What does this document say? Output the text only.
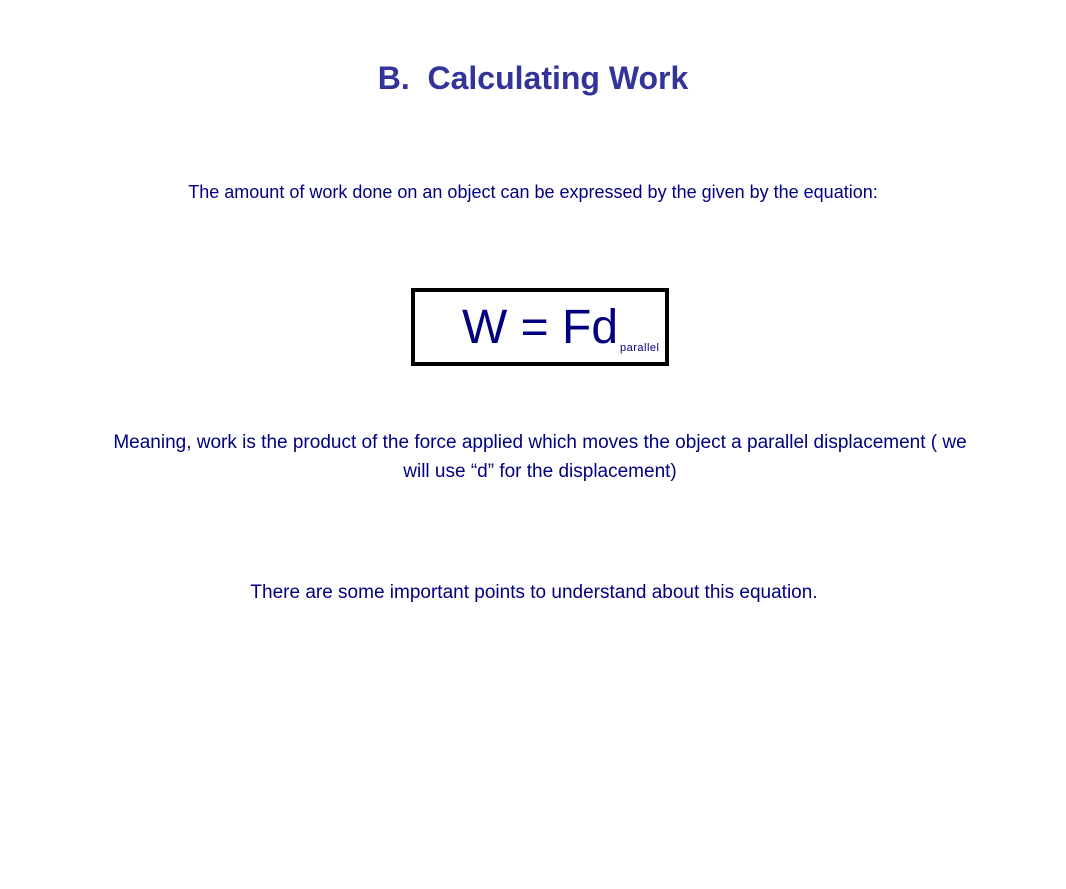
B.  Calculating Work
The amount of work done on an object can be expressed by the given by the equation:
W = Fd parallel
Meaning, work is the product of the force applied which moves the object a parallel displacement ( we will use “d” for the displacement)
There are some important points to understand about this equation.
